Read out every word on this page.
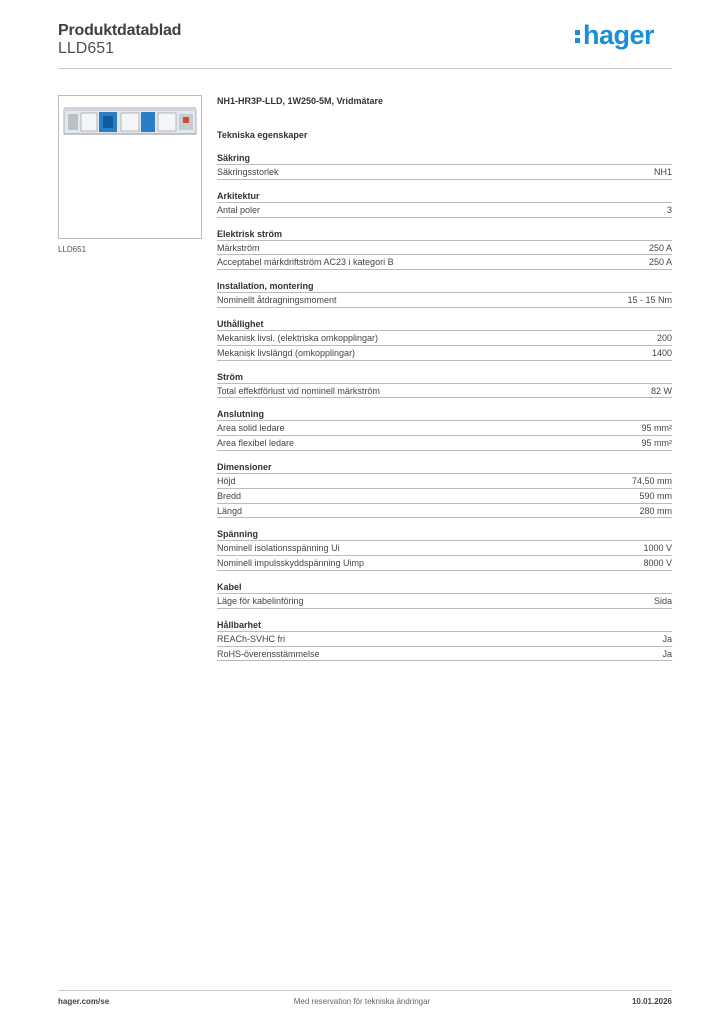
Produktdatablad
LLD651	hager
LLD651
NH1-HR3P-LLD, 1W250-5M, Vridmätare
Tekniska egenskaper
Säkring
Säkringsstorlek	NH1
Arkitektur
Antal poler	3
Elektrisk ström
Märkström	250 A
Acceptabel märkdriftström AC23 i kategori B	250 A
Installation, montering
Nominellt åtdragningsmoment	15 - 15 Nm
Uthållighet
Mekanisk livsl. (elektriska omkopplingar)	200
Mekanisk livslängd (omkopplingar)	1400
Ström
Total effektförlust vid nominell märkström	82 W
Anslutning
Area solid ledare	95 mm²
Area flexibel ledare	95 mm²
Dimensioner
Höjd	74,50 mm
Bredd	590 mm
Längd	280 mm
Spänning
Nominell isolationsspänning Ui	1000 V
Nominell impulsskyddspänning Uimp	8000 V
Kabel
Läge för kabelinföring	Sida
Hållbarhet
REACh-SVHC fri	Ja
RoHS-överensstämmelse	Ja
hager.com/se	Med reservation för tekniska ändringar	10.01.2026
